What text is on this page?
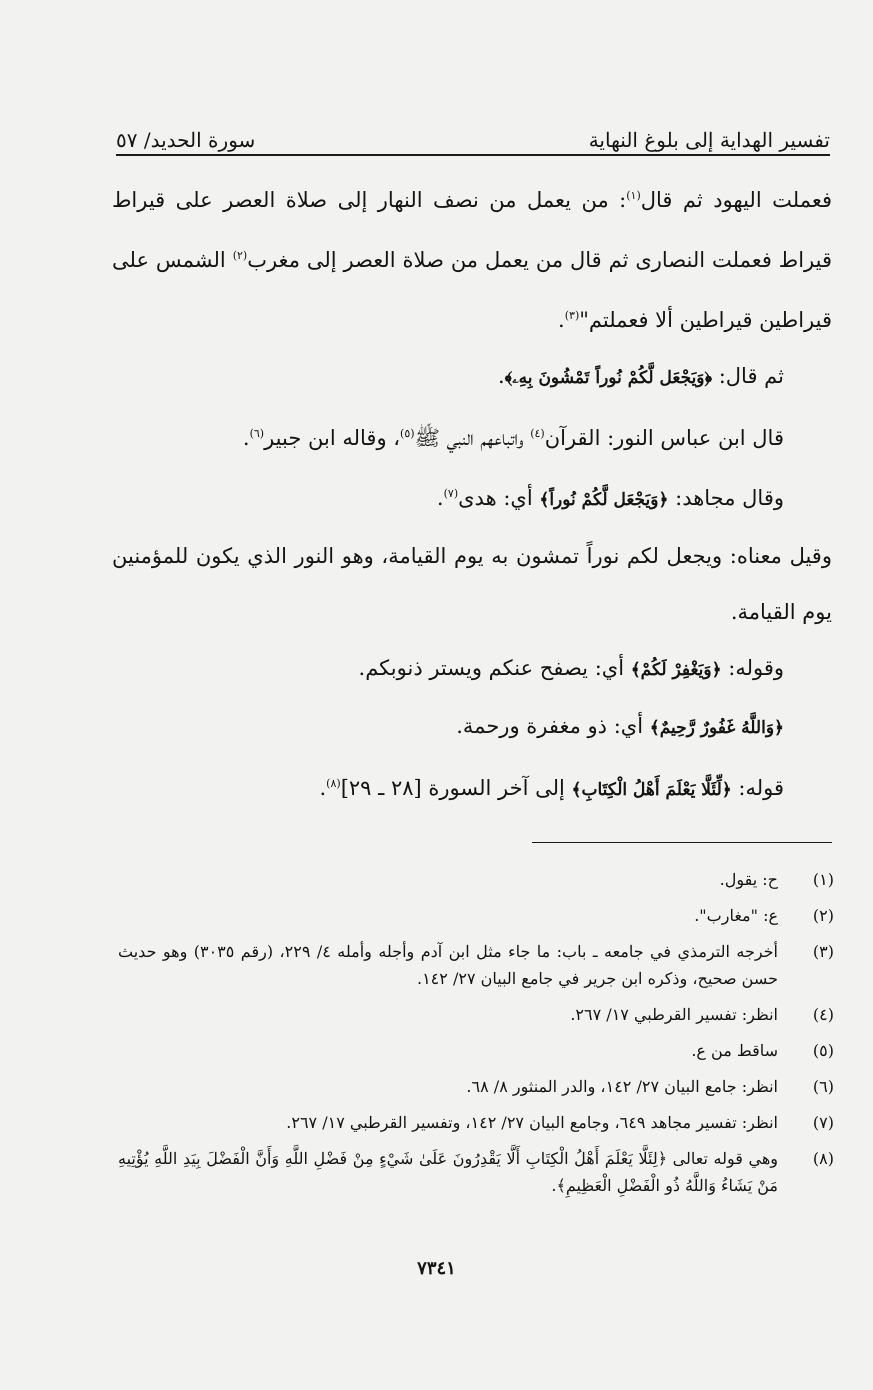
تفسير الهداية إلى بلوغ النهاية
سورة الحديد/ ٥٧

فعملت اليهود ثم قال$^{(١)}$: من يعمل من نصف النهار إلى صلاة العصر على قيراط قيراط فعملت النصارى ثم قال من يعمل من صلاة العصر إلى مغرب$^{(٢)}$ الشمس على قيراطين قيراطين ألا فعملتم"$^{(٣)}$.

ثم قال: ﴿وَيَجْعَل لَّكُمْ نُوراً تَمْشُونَ بِهِۦ﴾.

قال ابن عباس النور: القرآن$^{(٤)}$ واتباعهم النبي ﷺ$^{(٥)}$، وقاله ابن جبير$^{(٦)}$.

وقال مجاهد: ﴿وَيَجْعَل لَّكُمْ نُوراً﴾ أي: هدى$^{(٧)}$.

وقيل معناه: ويجعل لكم نوراً تمشون به يوم القيامة، وهو النور الذي يكون للمؤمنين يوم القيامة.

وقوله: ﴿وَيَغْفِرْ لَكُمْ﴾ أي: يصفح عنكم ويستر ذنوبكم.

﴿وَاللَّهُ غَفُورٌ رَّحِيمٌ﴾ أي: ذو مغفرة ورحمة.

قوله: ﴿لِّئَلَّا يَعْلَمَ أَهْلُ الْكِتَابِ﴾ إلى آخر السورة [٢٨ ـ ٢٩]$^{(٨)}$.

(١)
ح: يقول.
(٢)
ع: "مغارب".
(٣)
أخرجه الترمذي في جامعه ـ باب: ما جاء مثل ابن آدم وأجله وأمله ٤/ ٢٢٩، (رقم ٣٠٣٥) وهو حديث حسن صحيح، وذكره ابن جرير في جامع البيان ٢٧/ ١٤٢.
(٤)
انظر: تفسير القرطبي ١٧/ ٢٦٧.
(٥)
ساقط من ع.
(٦)
انظر: جامع البيان ٢٧/ ١٤٢، والدر المنثور ٨/ ٦٨.
(٧)
انظر: تفسير مجاهد ٦٤٩، وجامع البيان ٢٧/ ١٤٢، وتفسير القرطبي ١٧/ ٢٦٧.
(٨)
وهي قوله تعالى ﴿لِئَلَّا يَعْلَمَ أَهْلُ الْكِتَابِ أَلَّا يَقْدِرُونَ عَلَىٰ شَيْءٍ مِنْ فَضْلِ اللَّهِ وَأَنَّ الْفَضْلَ بِيَدِ اللَّهِ يُؤْتِيهِ مَنْ يَشَاءُ وَاللَّهُ ذُو الْفَضْلِ الْعَظِيمِ﴾.
٧٣٤١
